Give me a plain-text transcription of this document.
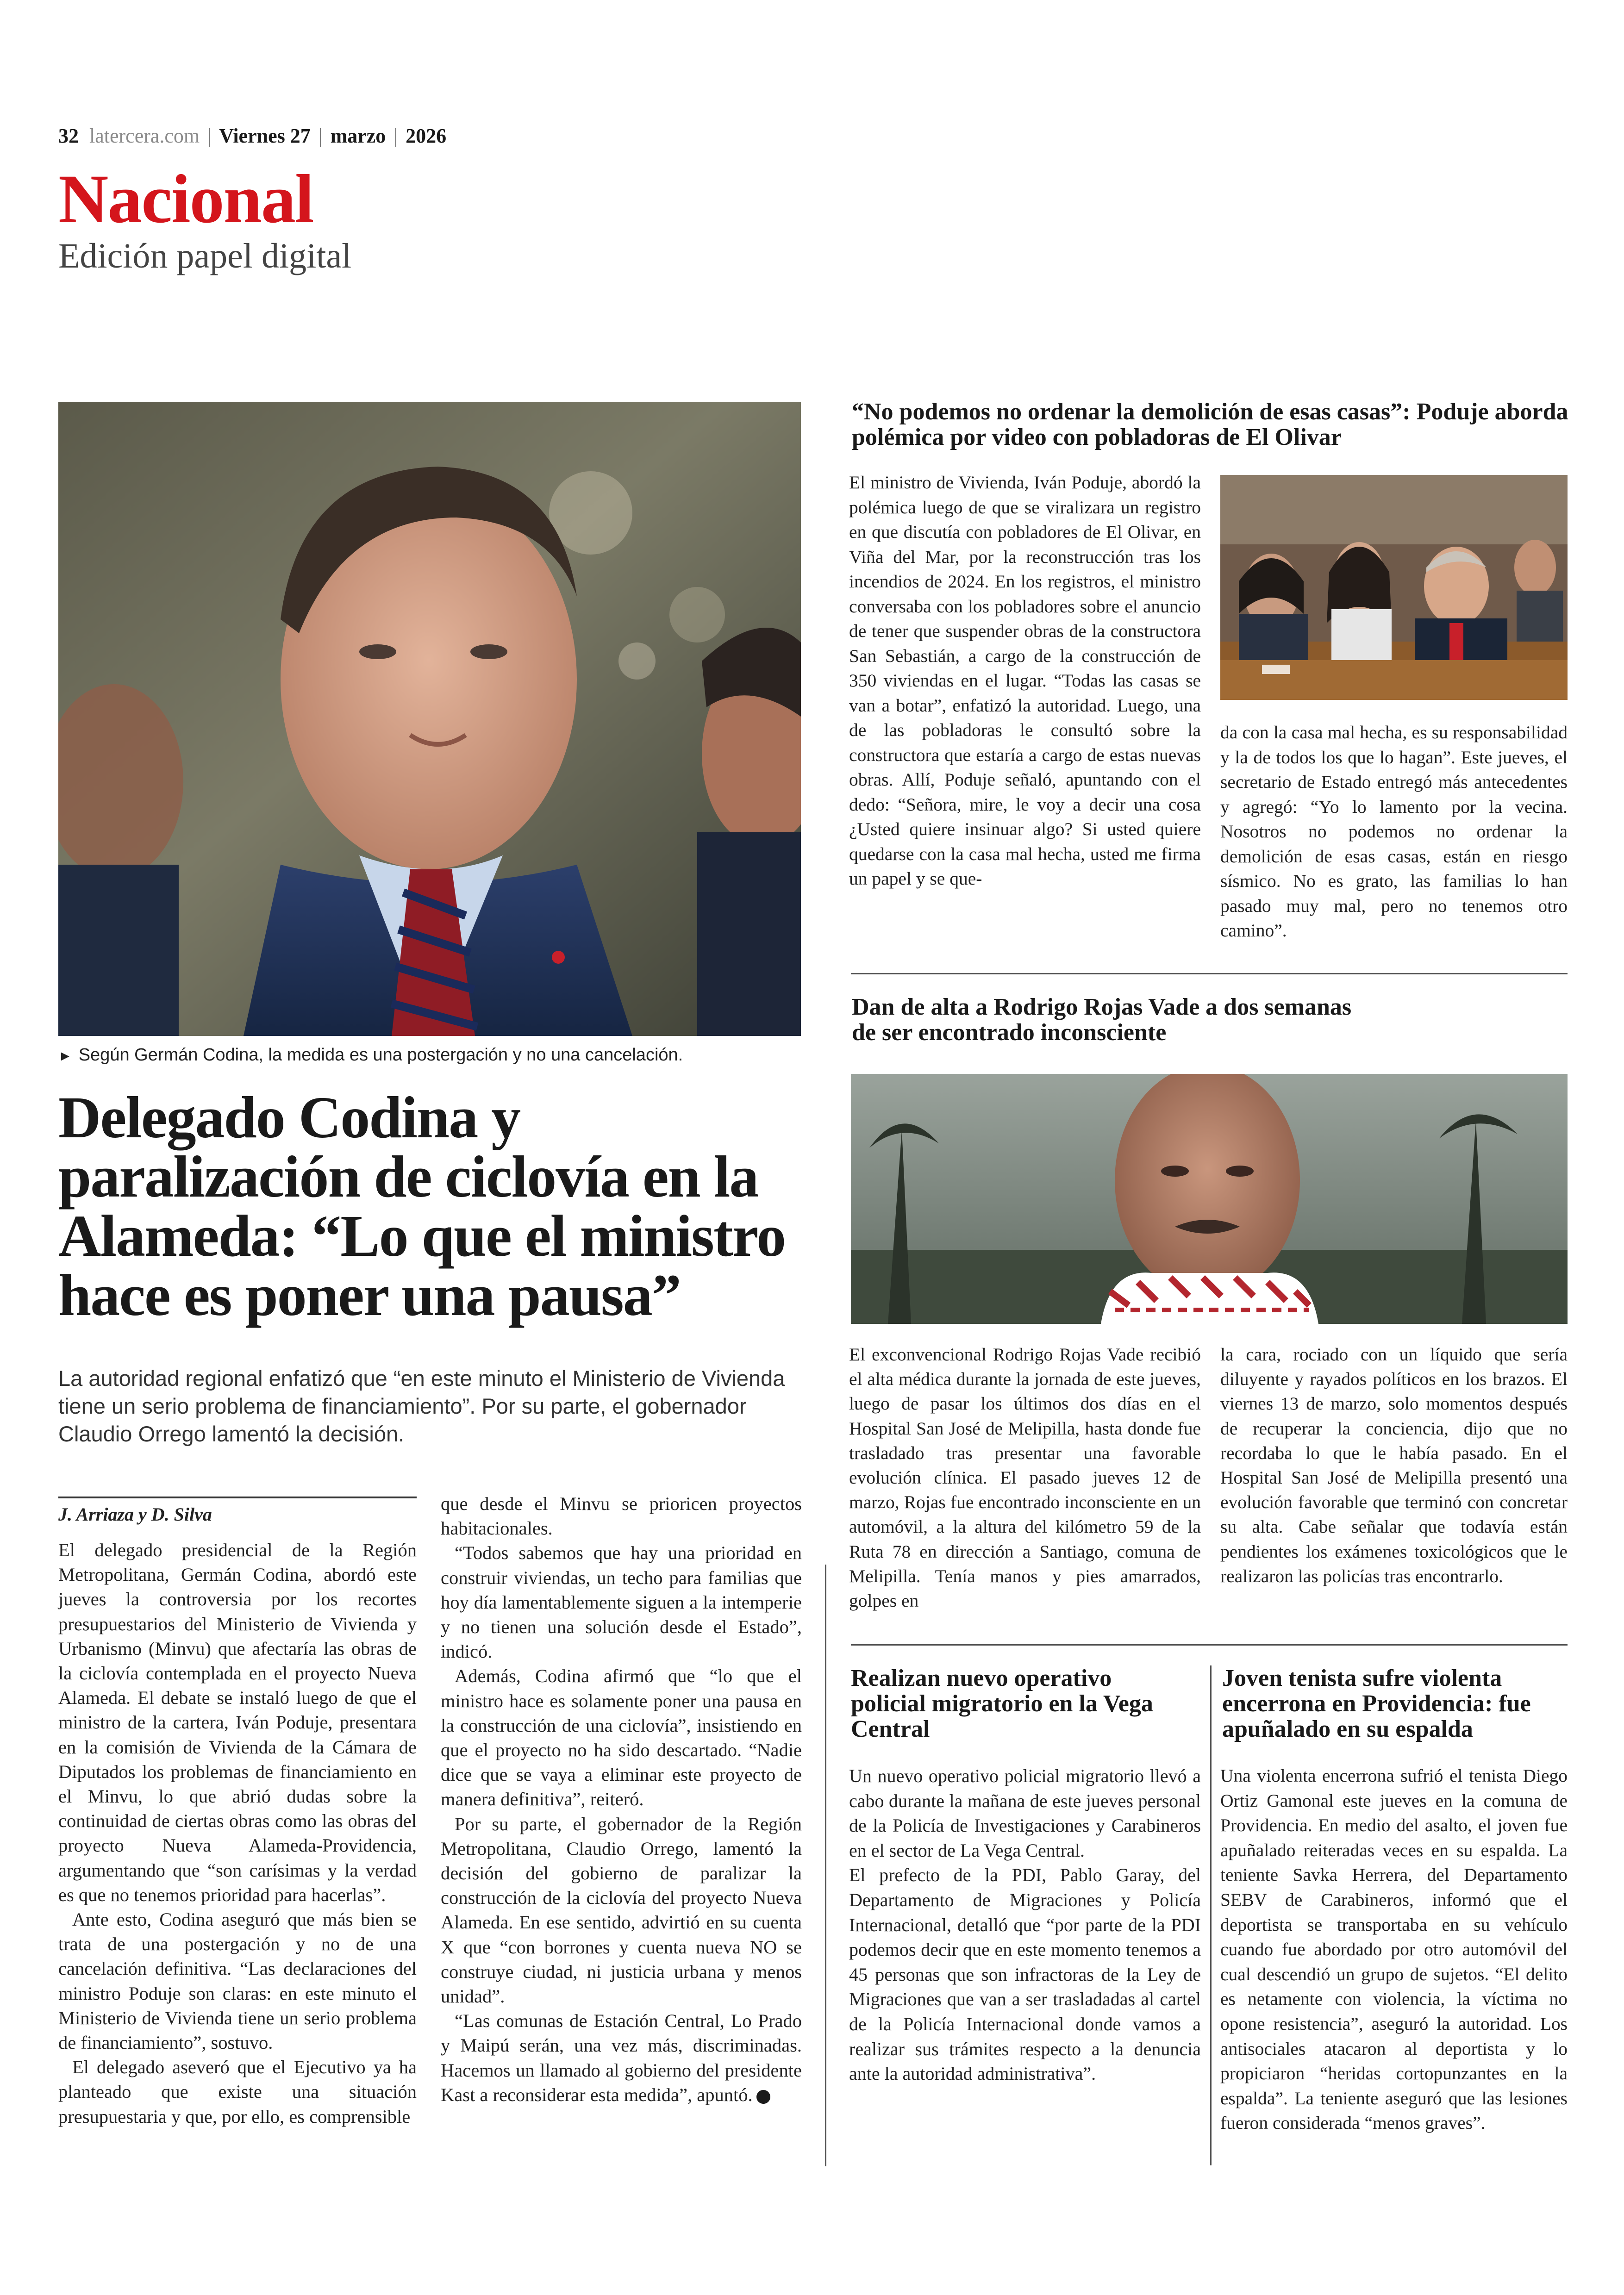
32 latercera.com | Viernes 27 | marzo | 2026
Nacional
Edición papel digital
► Según Germán Codina, la medida es una postergación y no una cancelación.
Delegado Codina y paralización de ciclovía en la Alameda: “Lo que el ministro hace es poner una pausa”
La autoridad regional enfatizó que “en este minuto el Ministerio de Vivienda tiene un serio problema de financiamiento”. Por su parte, el gobernador Claudio Orrego lamentó la decisión.
J. Arriaza y D. Silva

El delegado presidencial de la Región Metropolitana, Germán Codina, abordó este jueves la controversia por los recortes presupuestarios del Ministerio de Vivienda y Urbanismo (Minvu) que afectaría las obras de la ciclovía contemplada en el proyecto Nueva Alameda. El debate se instaló luego de que el ministro de la cartera, Iván Poduje, presentara en la comisión de Vivienda de la Cámara de Diputados los problemas de financiamiento en el Minvu, lo que abrió dudas sobre la continuidad de ciertas obras como las obras del proyecto Nueva Alameda-Providencia, argumentando que “son carísimas y la verdad es que no tenemos prioridad para hacerlas”.

Ante esto, Codina aseguró que más bien se trata de una postergación y no de una cancelación definitiva. “Las declaraciones del ministro Poduje son claras: en este minuto el Ministerio de Vivienda tiene un serio problema de financiamiento”, sostuvo.

El delegado aseveró que el Ejecutivo ya ha planteado que existe una situación presupuestaria y que, por ello, es comprensible

que desde el Minvu se prioricen proyectos habitacionales.

“Todos sabemos que hay una prioridad en construir viviendas, un techo para familias que hoy día lamentablemente siguen a la intemperie y no tienen una solución desde el Estado”, indicó.

Además, Codina afirmó que “lo que el ministro hace es solamente poner una pausa en la construcción de una ciclovía”, insistiendo en que el proyecto no ha sido descartado. “Nadie dice que se vaya a eliminar este proyecto de manera definitiva”, reiteró.

Por su parte, el gobernador de la Región Metropolitana, Claudio Orrego, lamentó la decisión del gobierno de paralizar la construcción de la ciclovía del proyecto Nueva Alameda. En ese sentido, advirtió en su cuenta X que “con borrones y cuenta nueva NO se construye ciudad, ni justicia urbana y menos unidad”.

“Las comunas de Estación Central, Lo Prado y Maipú serán, una vez más, discriminadas. Hacemos un llamado al gobierno del presidente Kast a reconsiderar esta medida”, apuntó.

“No podemos no ordenar la demolición de esas casas”: Poduje aborda polémica por video con pobladoras de El Olivar

El ministro de Vivienda, Iván Poduje, abordó la polémica luego de que se viralizara un registro en que discutía con pobladores de El Olivar, en Viña del Mar, por la reconstrucción tras los incendios de 2024. En los registros, el ministro conversaba con los pobladores sobre el anuncio de tener que suspender obras de la constructora San Sebastián, a cargo de la construcción de 350 viviendas en el lugar. “Todas las casas se van a botar”, enfatizó la autoridad. Luego, una de las pobladoras le consultó sobre la constructora que estaría a cargo de estas nuevas obras. Allí, Poduje señaló, apuntando con el dedo: “Señora, mire, le voy a decir una cosa ¿Usted quiere insinuar algo? Si usted quiere quedarse con la casa mal hecha, usted me firma un papel y se que-

da con la casa mal hecha, es su responsabilidad y la de todos los que lo hagan”. Este jueves, el secretario de Estado entregó más antecedentes y agregó: “Yo lo lamento por la vecina. Nosotros no podemos no ordenar la demolición de esas casas, están en riesgo sísmico. No es grato, las familias lo han pasado muy mal, pero no tenemos otro camino”.

Dan de alta a Rodrigo Rojas Vade a dos semanas de ser encontrado inconsciente

El exconvencional Rodrigo Rojas Vade recibió el alta médica durante la jornada de este jueves, luego de pasar los últimos dos días en el Hospital San José de Melipilla, hasta donde fue trasladado tras presentar una favorable evolución clínica. El pasado jueves 12 de marzo, Rojas fue encontrado inconsciente en un automóvil, a la altura del kilómetro 59 de la Ruta 78 en dirección a Santiago, comuna de Melipilla. Tenía manos y pies amarrados, golpes en

la cara, rociado con un líquido que sería diluyente y rayados políticos en los brazos. El viernes 13 de marzo, solo momentos después de recuperar la conciencia, dijo que no recordaba lo que le había pasado. En el Hospital San José de Melipilla presentó una evolución favorable que terminó con concretar su alta. Cabe señalar que todavía están pendientes los exámenes toxicológicos que le realizaron las policías tras encontrarlo.

Realizan nuevo operativo policial migratorio en la Vega Central

Un nuevo operativo policial migratorio llevó a cabo durante la mañana de este jueves personal de la Policía de Investigaciones y Carabineros en el sector de La Vega Central.

El prefecto de la PDI, Pablo Garay, del Departamento de Migraciones y Policía Internacional, detalló que “por parte de la PDI podemos decir que en este momento tenemos a 45 personas que son infractoras de la Ley de Migraciones que van a ser trasladadas al cartel de la Policía Internacional donde vamos a realizar sus trámites respecto a la denuncia ante la autoridad administrativa”.

Joven tenista sufre violenta encerrona en Providencia: fue apuñalado en su espalda

Una violenta encerrona sufrió el tenista Diego Ortiz Gamonal este jueves en la comuna de Providencia. En medio del asalto, el joven fue apuñalado reiteradas veces en su espalda. La teniente Savka Herrera, del Departamento SEBV de Carabineros, informó que el deportista se transportaba en su vehículo cuando fue abordado por otro automóvil del cual descendió un grupo de sujetos. “El delito es netamente con violencia, la víctima no opone resistencia”, aseguró la autoridad. Los antisociales atacaron al deportista y lo propiciaron “heridas cortopunzantes en la espalda”. La teniente aseguró que las lesiones fueron considerada “menos graves”.
